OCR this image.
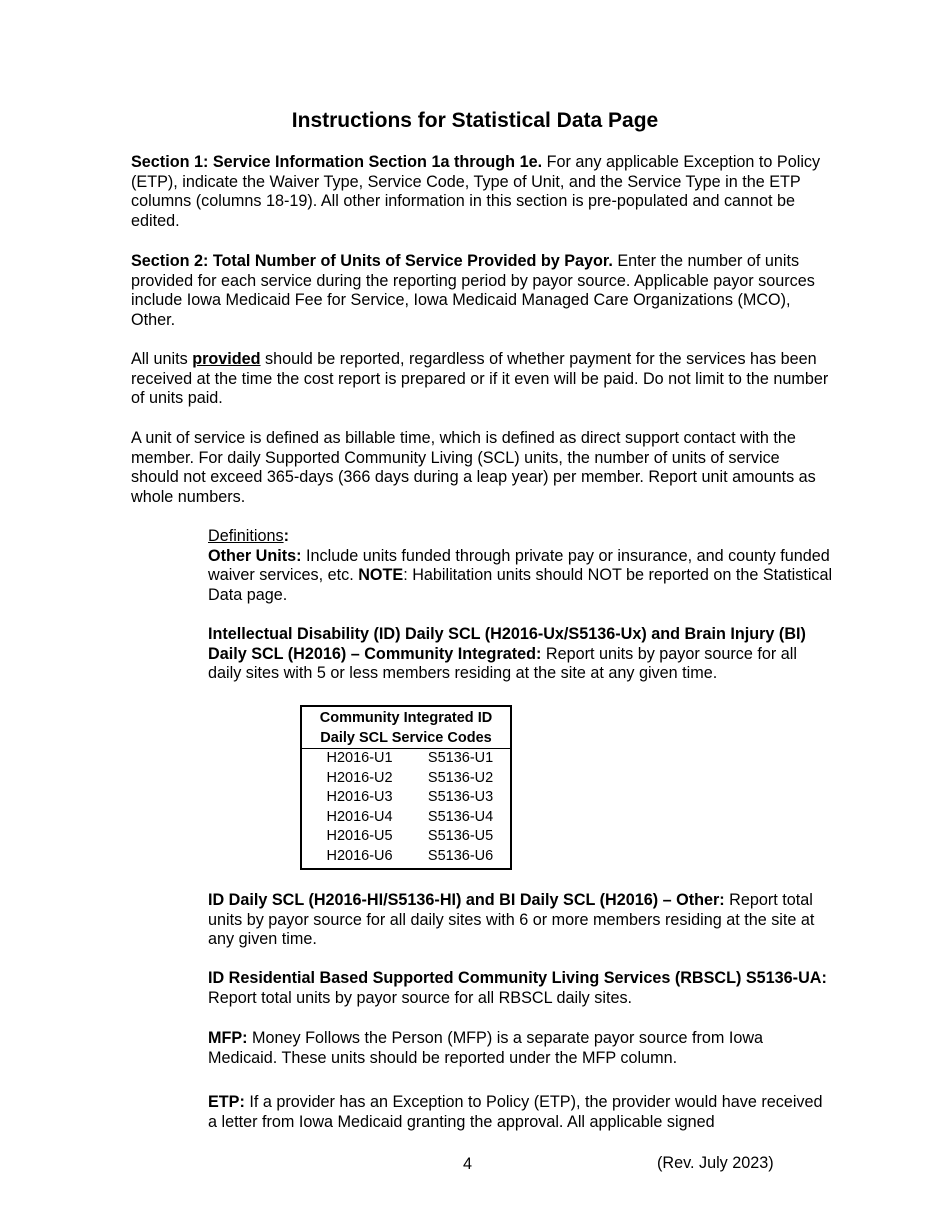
Instructions for Statistical Data Page

Section 1: Service Information Section 1a through 1e. For any applicable Exception to Policy (ETP), indicate the Waiver Type, Service Code, Type of Unit, and the Service Type in the ETP columns (columns 18-19). All other information in this section is pre-populated and cannot be edited.

Section 2: Total Number of Units of Service Provided by Payor. Enter the number of units provided for each service during the reporting period by payor source. Applicable payor sources include Iowa Medicaid Fee for Service, Iowa Medicaid Managed Care Organizations (MCO), Other.

All units provided should be reported, regardless of whether payment for the services has been received at the time the cost report is prepared or if it even will be paid. Do not limit to the number of units paid.

A unit of service is defined as billable time, which is defined as direct support contact with the member. For daily Supported Community Living (SCL) units, the number of units of service should not exceed 365-days (366 days during a leap year) per member. Report unit amounts as whole numbers.

Definitions:
Other Units: Include units funded through private pay or insurance, and county funded waiver services, etc. NOTE: Habilitation units should NOT be reported on the Statistical Data page.

Intellectual Disability (ID) Daily SCL (H2016-Ux/S5136-Ux) and Brain Injury (BI) Daily SCL (H2016) – Community Integrated: Report units by payor source for all daily sites with 5 or less members residing at the site at any given time.

Community Integrated ID
Daily SCL Service Codes	
H2016-U1	S5136-U1
H2016-U2	S5136-U2
H2016-U3	S5136-U3
H2016-U4	S5136-U4
H2016-U5	S5136-U5
H2016-U6	S5136-U6

ID Daily SCL (H2016-HI/S5136-HI) and BI Daily SCL (H2016) – Other: Report total units by payor source for all daily sites with 6 or more members residing at the site at any given time.

ID Residential Based Supported Community Living Services (RBSCL) S5136-UA: Report total units by payor source for all RBSCL daily sites.

MFP: Money Follows the Person (MFP) is a separate payor source from Iowa Medicaid. These units should be reported under the MFP column.

ETP: If a provider has an Exception to Policy (ETP), the provider would have received a letter from Iowa Medicaid granting the approval. All applicable signed

4	(Rev. July 2023)
